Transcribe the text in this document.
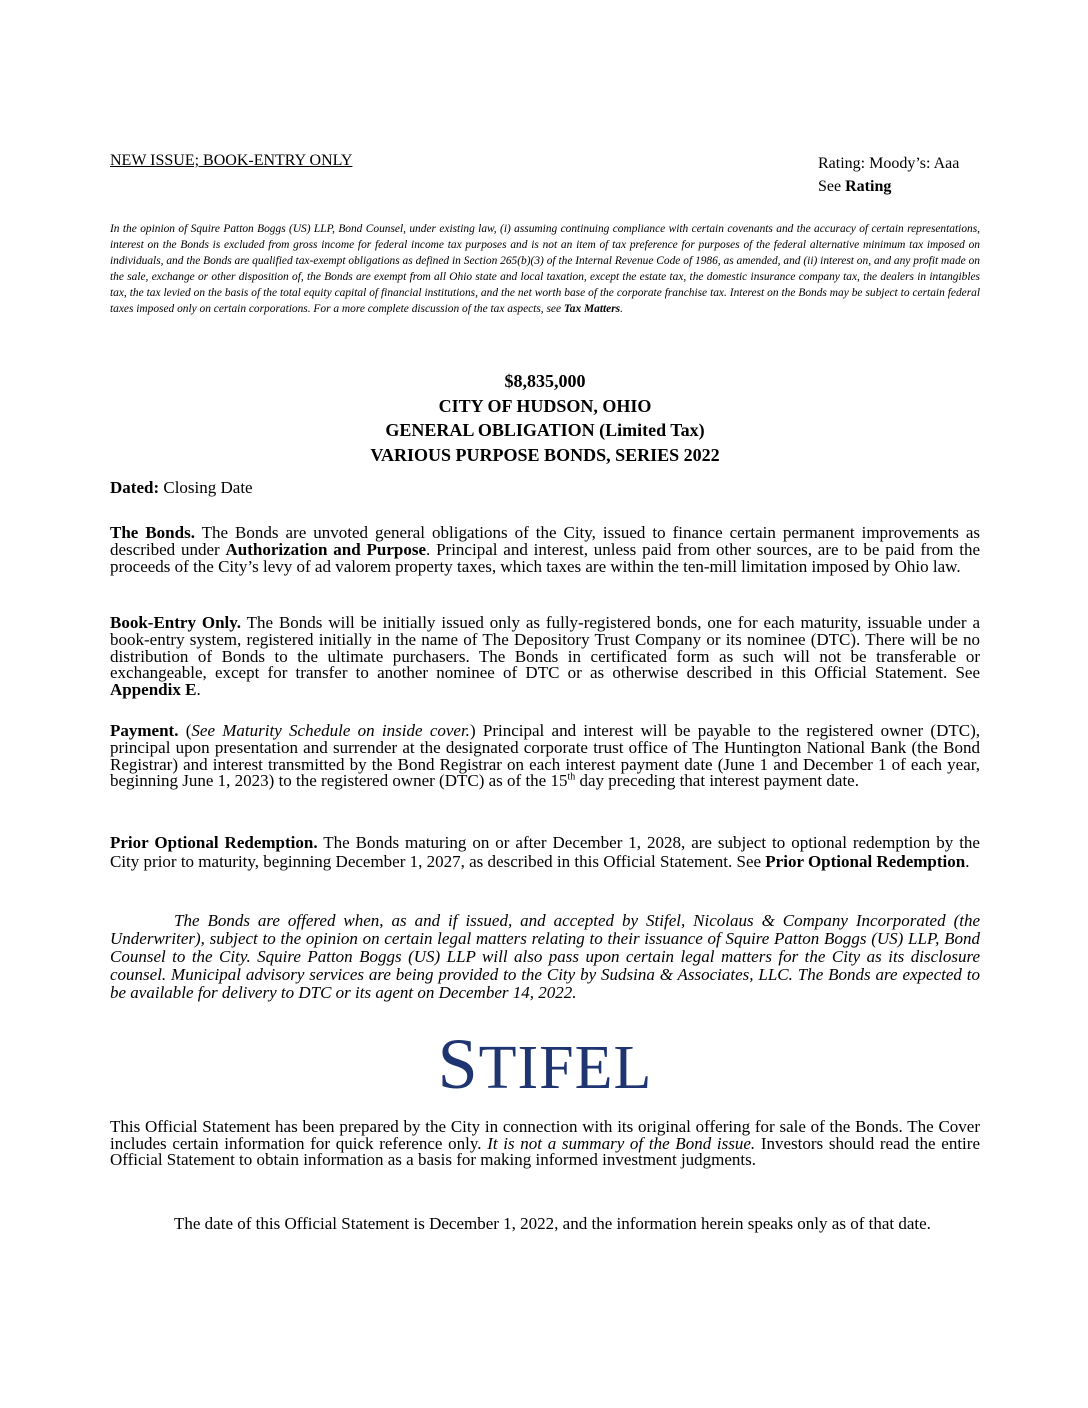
NEW ISSUE; BOOK-ENTRY ONLY	Rating: Moody’s: Aaa
See Rating
In the opinion of Squire Patton Boggs (US) LLP, Bond Counsel, under existing law, (i) assuming continuing compliance with certain covenants and the accuracy of certain representations, interest on the Bonds is excluded from gross income for federal income tax purposes and is not an item of tax preference for purposes of the federal alternative minimum tax imposed on individuals, and the Bonds are qualified tax-exempt obligations as defined in Section 265(b)(3) of the Internal Revenue Code of 1986, as amended, and (ii) interest on, and any profit made on the sale, exchange or other disposition of, the Bonds are exempt from all Ohio state and local taxation, except the estate tax, the domestic insurance company tax, the dealers in intangibles tax, the tax levied on the basis of the total equity capital of financial institutions, and the net worth base of the corporate franchise tax. Interest on the Bonds may be subject to certain federal taxes imposed only on certain corporations. For a more complete discussion of the tax aspects, see Tax Matters.
$8,835,000
CITY OF HUDSON, OHIO
GENERAL OBLIGATION (Limited Tax)
VARIOUS PURPOSE BONDS, SERIES 2022
Dated: Closing Date
The Bonds. The Bonds are unvoted general obligations of the City, issued to finance certain permanent improvements as described under Authorization and Purpose. Principal and interest, unless paid from other sources, are to be paid from the proceeds of the City’s levy of ad valorem property taxes, which taxes are within the ten-mill limitation imposed by Ohio law.
Book-Entry Only. The Bonds will be initially issued only as fully-registered bonds, one for each maturity, issuable under a book-entry system, registered initially in the name of The Depository Trust Company or its nominee (DTC). There will be no distribution of Bonds to the ultimate purchasers. The Bonds in certificated form as such will not be transferable or exchangeable, except for transfer to another nominee of DTC or as otherwise described in this Official Statement. See Appendix E.
Payment. (See Maturity Schedule on inside cover.) Principal and interest will be payable to the registered owner (DTC), principal upon presentation and surrender at the designated corporate trust office of The Huntington National Bank (the Bond Registrar) and interest transmitted by the Bond Registrar on each interest payment date (June 1 and December 1 of each year, beginning June 1, 2023) to the registered owner (DTC) as of the 15th day preceding that interest payment date.
Prior Optional Redemption. The Bonds maturing on or after December 1, 2028, are subject to optional redemption by the City prior to maturity, beginning December 1, 2027, as described in this Official Statement. See Prior Optional Redemption.
The Bonds are offered when, as and if issued, and accepted by Stifel, Nicolaus & Company Incorporated (the Underwriter), subject to the opinion on certain legal matters relating to their issuance of Squire Patton Boggs (US) LLP, Bond Counsel to the City. Squire Patton Boggs (US) LLP will also pass upon certain legal matters for the City as its disclosure counsel. Municipal advisory services are being provided to the City by Sudsina & Associates, LLC. The Bonds are expected to be available for delivery to DTC or its agent on December 14, 2022.
STIFEL
This Official Statement has been prepared by the City in connection with its original offering for sale of the Bonds. The Cover includes certain information for quick reference only. It is not a summary of the Bond issue. Investors should read the entire Official Statement to obtain information as a basis for making informed investment judgments.
The date of this Official Statement is December 1, 2022, and the information herein speaks only as of that date.
